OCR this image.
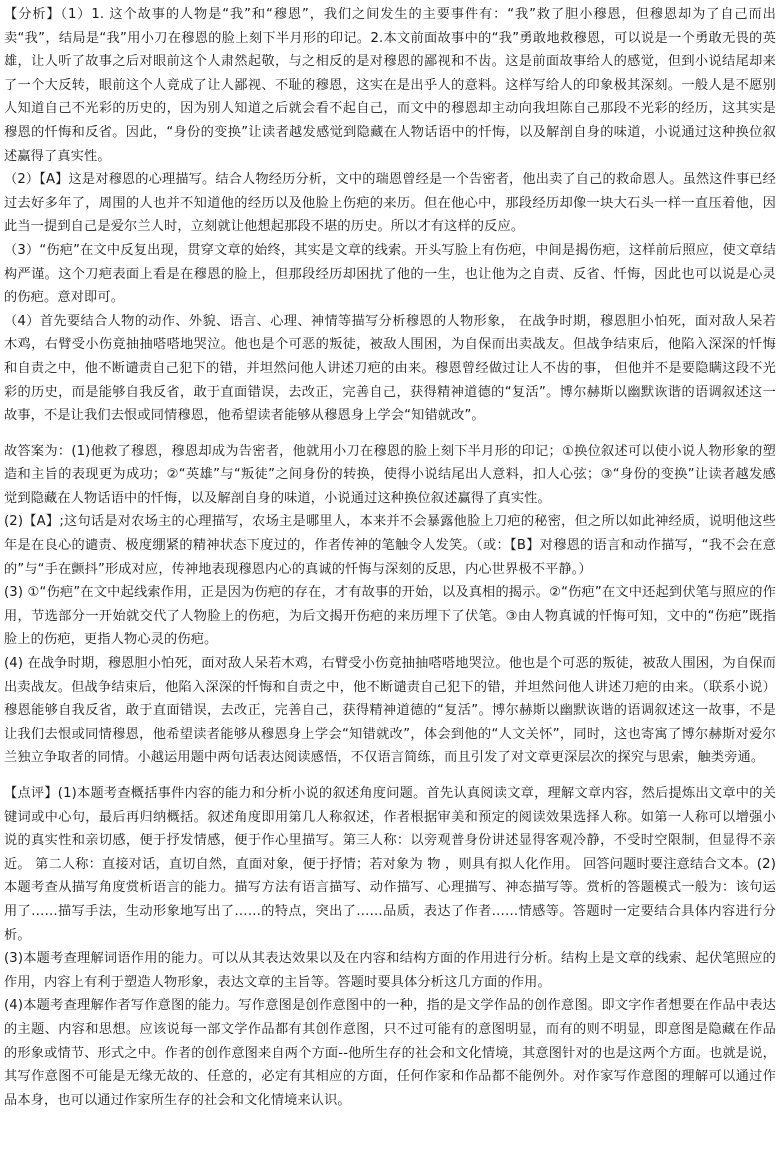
【分析】（1）1. 这个故事的人物是“我”和“穆恩”，我们之间发生的主要事件有：“我”救了胆小穆恩，但穆恩却为了自己而出卖“我”，结局是“我”用小刀在穆恩的脸上刻下半月形的印记。2.本文前面故事中的“我”勇敢地救穆恩，可以说是一个勇敢无畏的英雄，让人听了故事之后对眼前这个人肃然起敬，与之相反的是对穆恩的鄙视和不齿。这是前面故事给人的感觉，但到小说结尾却来了一个大反转，眼前这个人竟成了让人鄙视、不耻的穆恩，这实在是出乎人的意料。这样写给人的印象极其深刻。一般人是不愿别人知道自己不光彩的历史的，因为别人知道之后就会看不起自己，而文中的穆恩却主动向我坦陈自己那段不光彩的经历，这其实是穆恩的忏悔和反省。因此，“身份的变换”让读者越发感觉到隐藏在人物话语中的忏悔，以及解剖自身的味道，小说通过这种换位叙述赢得了真实性。

（2）【A】这是对穆恩的心理描写。结合人物经历分析，文中的瑞恩曾经是一个告密者，他出卖了自己的救命恩人。虽然这件事已经过去好多年了，周围的人也并不知道他的经历以及他脸上伤疤的来历。但在他心中，那段经历却像一块大石头一样一直压着他，因此当一提到自己是爱尔兰人时，立刻就让他想起那段不堪的历史。所以才有这样的反应。

（3）“伤疤”在文中反复出现，贯穿文章的始终，其实是文章的线索。开头写脸上有伤疤，中间是揭伤疤，这样前后照应，使文章结构严谨。这个刀疤表面上看是在穆恩的脸上，但那段经历却困扰了他的一生，也让他为之自责、反省、忏悔，因此也可以说是心灵的伤疤。意对即可。

（4）首先要结合人物的动作、外貌、语言、心理、神情等描写分析穆恩的人物形象， 在战争时期，穆恩胆小怕死，面对敌人呆若木鸡，右臂受小伤竟抽抽嗒嗒地哭泣。他也是个可恶的叛徒，被敌人围困，为自保而出卖战友。但战争结束后，他陷入深深的忏悔和自责之中，他不断谴责自己犯下的错，并坦然问他人讲述刀疤的由来。穆恩曾经做过让人不齿的事， 但他并不是要隐瞒这段不光彩的历史，而是能够自我反省，敢于直面错误，去改正，完善自己，获得精神道德的“复活”。博尔赫斯以幽默诙谐的语调叙述这一故事，不是让我们去恨或同情穆恩，他希望读者能够从穆恩身上学会“知错就改”。

故答案为：(1)他救了穆恩，穆恩却成为告密者，他就用小刀在穆恩的脸上刻下半月形的印记；①换位叙述可以使小说人物形象的塑造和主旨的表现更为成功；②“英雄”与“叛徒”之间身份的转换，使得小说结尾出人意料，扣人心弦；③“身份的变换”让读者越发感觉到隐藏在人物话语中的忏悔，以及解剖自身的味道，小说通过这种换位叙述赢得了真实性。

(2)【A】;这句话是对农场主的心理描写，农场主是哪里人，本来并不会暴露他脸上刀疤的秘密，但之所以如此神经质，说明他这些年是在良心的谴责、极度绷紧的精神状态下度过的，作者传神的笔触令人发笑。（或：【B】对穆恩的语言和动作描写，“我不会在意的”与“手在颤抖”形成对应，传神地表现穆恩内心的真诚的忏悔与深刻的反思，内心世界极不平静。）

(3) ①“伤疤”在文中起线索作用，正是因为伤疤的存在，才有故事的开始，以及真相的揭示。②“伤疤”在文中还起到伏笔与照应的作用，节选部分一开始就交代了人物脸上的伤疤，为后文揭开伤疤的来历埋下了伏笔。③由人物真诚的忏悔可知，文中的“伤疤”既指脸上的伤疤，更指人物心灵的伤疤。

(4) 在战争时期，穆恩胆小怕死，面对敌人呆若木鸡，右臂受小伤竟抽抽嗒嗒地哭泣。他也是个可恶的叛徒，被敌人围困，为自保而出卖战友。但战争结束后，他陷入深深的忏悔和自责之中，他不断谴责自己犯下的错，并坦然问他人讲述刀疤的由来。（联系小说）穆恩能够自我反省，敢于直面错误，去改正，完善自己，获得精神道德的“复活”。博尔赫斯以幽默诙谐的语调叙述这一故事，不是让我们去恨或同情穆恩，他希望读者能够从穆恩身上学会“知错就改”，体会到他的“人文关怀”，同时，这也寄寓了博尔赫斯对爱尔兰独立争取者的同情。小越运用题中两句话表达阅读感悟，不仅语言简练，而且引发了对文章更深层次的探究与思索，触类旁通。

【点评】(1)本题考查概括事件内容的能力和分析小说的叙述角度问题。首先认真阅读文章，理解文章内容，然后提炼出文章中的关键词或中心句，最后再归纳概括。叙述角度即用第几人称叙述，作者根据审美和预定的阅读效果选择人称。如第一人称可以增强小说的真实性和亲切感，便于抒发情感，便于作心里描写。第三人称：以旁观普身份讲述显得客观冷静，不受时空限制，但显得不亲近。 第二人称：直接对话，直切自然，直面对象，便于抒情；若对象为 物 ，则具有拟人化作用。 回答问题时要注意结合文本。(2)本题考查从描写角度赏析语言的能力。描写方法有语言描写、动作描写、心理描写、神态描写等。赏析的答题模式一般为：该句运用了……描写手法，生动形象地写出了……的特点，突出了……品质，表达了作者……情感等。答题时一定要结合具体内容进行分析。

(3)本题考查理解词语作用的能力。可以从其表达效果以及在内容和结构方面的作用进行分析。结构上是文章的线索、起伏笔照应的作用，内容上有利于塑造人物形象，表达文章的主旨等。答题时要具体分析这几方面的作用。

(4)本题考查理解作者写作意图的能力。写作意图是创作意图中的一种，指的是文学作品的创作意图。即文字作者想要在作品中表达的主题、内容和思想。应该说每一部文学作品都有其创作意图，只不过可能有的意图明显，而有的则不明显，即意图是隐藏在作品的形象或情节、形式之中。作者的创作意图来自两个方面--他所生存的社会和文化情境，其意图针对的也是这两个方面。也就是说，其写作意图不可能是无缘无故的、任意的，必定有其相应的方面，任何作家和作品都不能例外。对作家写作意图的理解可以通过作品本身，也可以通过作家所生存的社会和文化情境来认识。
